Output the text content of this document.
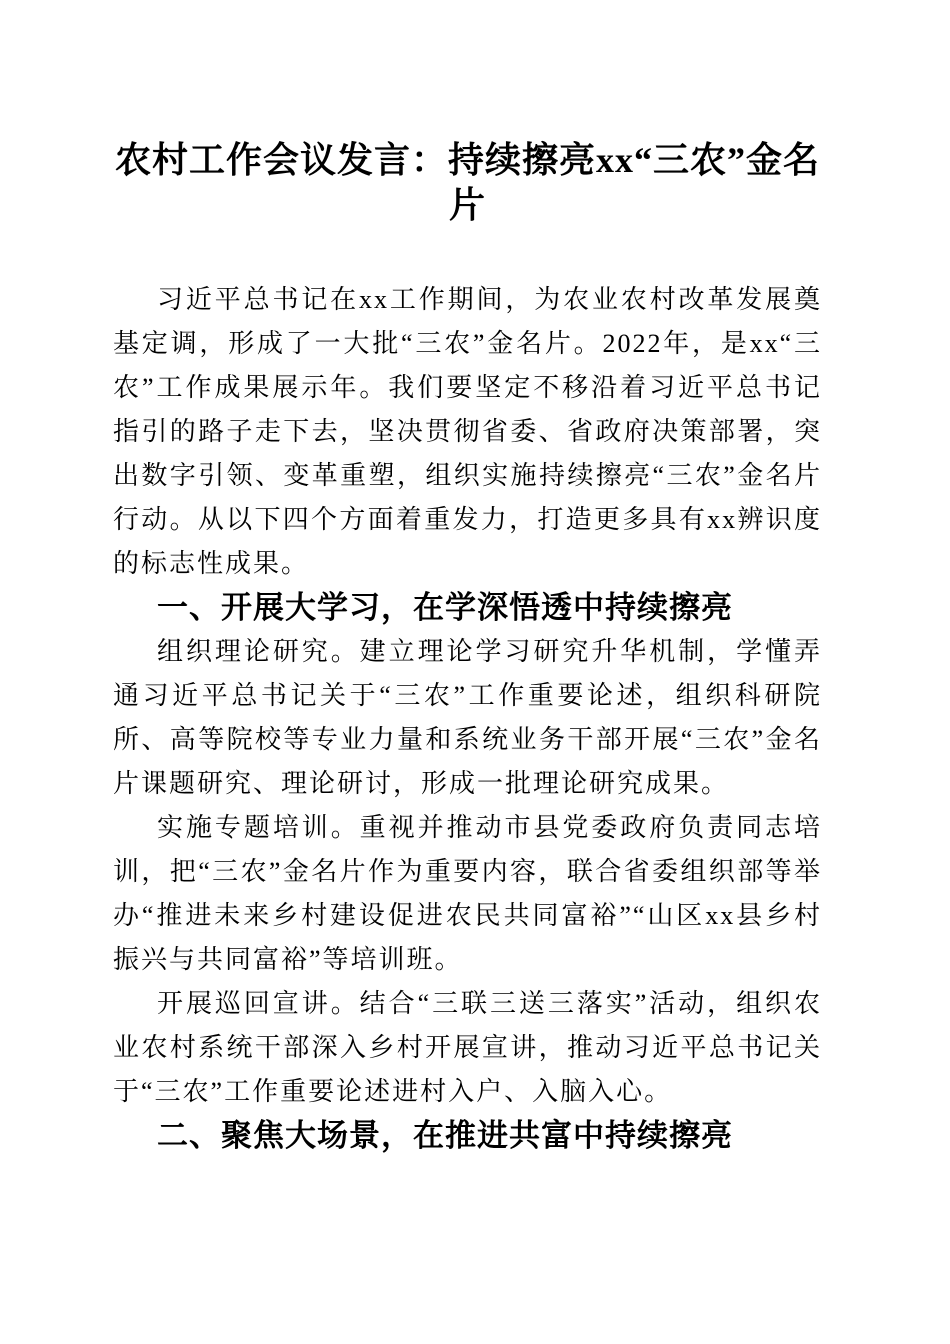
农村工作会议发言：持续擦亮xx“三农”金名片

习近平总书记在xx工作期间，为农业农村改革发展奠基定调，形成了一大批“三农”金名片。2022年，是xx“三农”工作成果展示年。我们要坚定不移沿着习近平总书记指引的路子走下去，坚决贯彻省委、省政府决策部署，突出数字引领、变革重塑，组织实施持续擦亮“三农”金名片行动。从以下四个方面着重发力，打造更多具有xx辨识度的标志性成果。

一、开展大学习，在学深悟透中持续擦亮

组织理论研究。建立理论学习研究升华机制，学懂弄通习近平总书记关于“三农”工作重要论述，组织科研院所、高等院校等专业力量和系统业务干部开展“三农”金名片课题研究、理论研讨，形成一批理论研究成果。

实施专题培训。重视并推动市县党委政府负责同志培训，把“三农”金名片作为重要内容，联合省委组织部等举办“推进未来乡村建设促进农民共同富裕”“山区xx县乡村振兴与共同富裕”等培训班。

开展巡回宣讲。结合“三联三送三落实”活动，组织农业农村系统干部深入乡村开展宣讲，推动习近平总书记关于“三农”工作重要论述进村入户、入脑入心。

二、聚焦大场景，在推进共富中持续擦亮
